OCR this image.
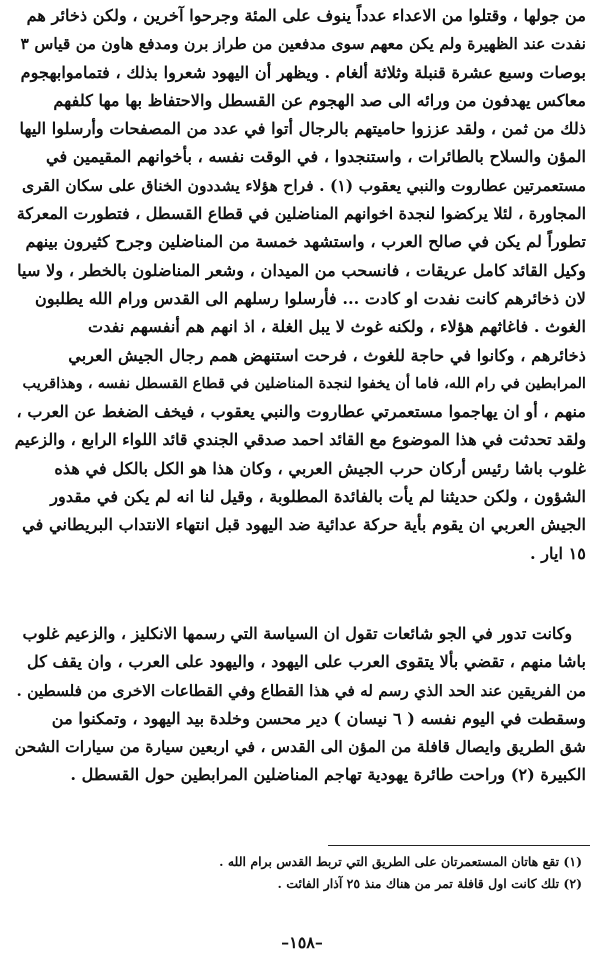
من جولها ، وقتلوا من الاعداء عدداً ينوف على المئة وجرحوا آخرين ، ولكن ذخائر هم
نفدت عند الظهيرة ولم يكن معهم سوى مدفعين من طراز برن ومدفع هاون من قياس ٣
بوصات وسبع عشرة قنبلة وثلاثة ألغام . ويظهر أن اليهود شعروا بذلك ، فتماموابهجوم
معاكس يهدفون من ورائه الى صد الهجوم عن القسطل والاحتفاظ بها مها كلفهم
ذلك من ثمن ، ولقد عززوا حاميتهم بالرجال أتوا في عدد من المصفحات وأرسلوا اليها
المؤن والسلاح بالطائرات ، واستنجدوا ، في الوقت نفسه ، بأخوانهم المقيمين في
مستعمرتين عطاروت والنبي يعقوب (١) . فراح هؤلاء يشددون الخناق على سكان القرى
المجاورة ، لئلا يركضوا لنجدة اخوانهم المناضلين في قطاع القسطل ، فتطورت المعركة
تطوراً لم يكن في صالح العرب ، واستشهد خمسة من المناضلين وجرح كثيرون بينهم
وكيل القائد كامل عريقات ، فانسحب من الميدان ، وشعر المناضلون بالخطر ، ولا سيا
لان ذخائرهم كانت نفدت او كادت ... فأرسلوا رسلهم الى القدس ورام الله يطلبون
الغوث . فاغاثهم هؤلاء ، ولكنه غوث لا يبل الغلة ، اذ انهم هم أنفسهم نفدت
ذخائرهم ، وكانوا في حاجة للغوث ، فرحت استنهض همم رجال الجيش العربي
المرابطين في رام الله، فاما أن يخفوا لنجدة المناضلين في قطاع القسطل نفسه ، وهذاقريب
منهم ، أو ان يهاجموا مستعمرتي عطاروت والنبي يعقوب ، فيخف الضغط عن العرب ،
ولقد تحدثت في هذا الموضوع مع القائد احمد صدقي الجندي قائد اللواء الرابع ، والزعيم
غلوب باشا رئيس أركان حرب الجيش العربي ، وكان هذا هو الكل بالكل في هذه
الشؤون ، ولكن حديثنا لم يأت بالفائدة المطلوبة ، وقيل لنا انه لم يكن في مقدور
الجيش العربي ان يقوم بأية حركة عدائية ضد اليهود قبل انتهاء الانتداب البريطاني في
١٥ ايار .
وكانت تدور في الجو شائعات تقول ان السياسة التي رسمها الانكليز ، والزعيم غلوب
باشا منهم ، تقضي بألا يتقوى العرب على اليهود ، واليهود على العرب ، وان يقف كل
من الفريقين عند الحد الذي رسم له في هذا القطاع وفي القطاعات الاخرى من فلسطين .
وسقطت في اليوم نفسه ( ٦ نيسان ) دير محسن وخلدة بيد اليهود ، وتمكنوا من
شق الطريق وايصال قافلة من المؤن الى القدس ، في اربعين سيارة من سيارات الشحن
الكبيرة (٢) وراحت طائرة يهودية تهاجم المناضلين المرابطين حول القسطل .
(١) تقع هاتان المستعمرتان على الطريق التي تربط القدس برام الله .
(٢) تلك كانت اول قافلة تمر من هناك منذ ٢٥ آذار الفائت .
–١٥٨–
